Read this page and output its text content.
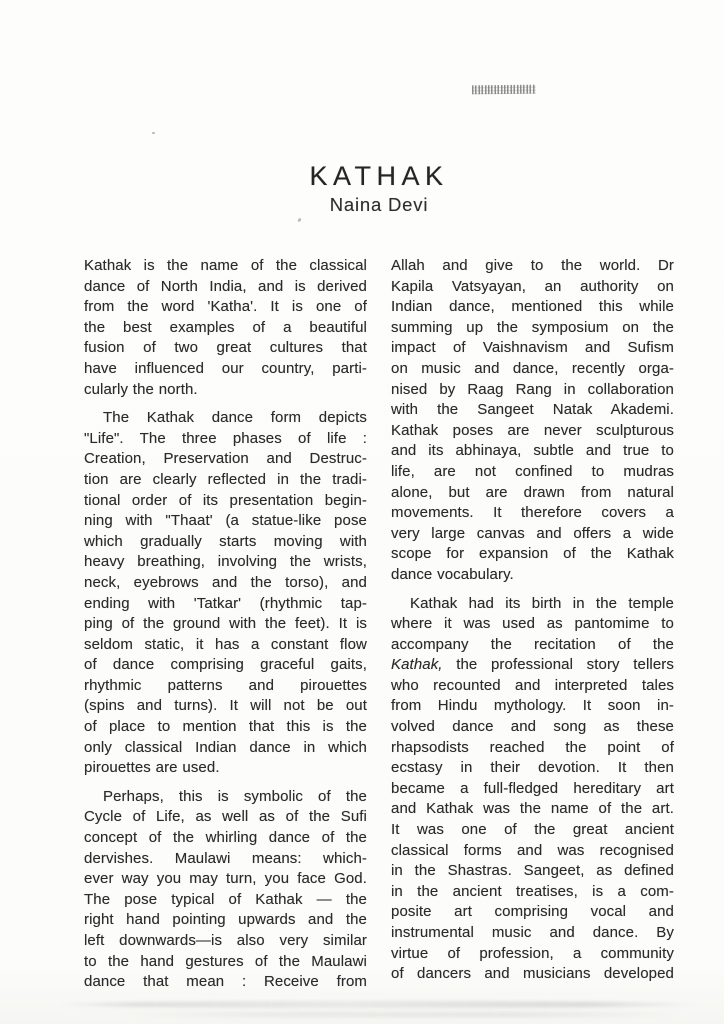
KATHAK
Naina Devi
Kathak is the name of the classical
dance of North India, and is derived
from the word 'Katha'. It is one of
the best examples of a beautiful
fusion of two great cultures that
have influenced our country, parti-
cularly the north.
The Kathak dance form depicts
"Life". The three phases of life :
Creation, Preservation and Destruc-
tion are clearly reflected in the tradi-
tional order of its presentation begin-
ning with "Thaat' (a statue-like pose
which gradually starts moving with
heavy breathing, involving the wrists,
neck, eyebrows and the torso), and
ending with 'Tatkar' (rhythmic tap-
ping of the ground with the feet). It is
seldom static, it has a constant flow
of dance comprising graceful gaits,
rhythmic patterns and pirouettes
(spins and turns). It will not be out
of place to mention that this is the
only classical Indian dance in which
pirouettes are used.
Perhaps, this is symbolic of the
Cycle of Life, as well as of the Sufi
concept of the whirling dance of the
dervishes. Maulawi means: which-
ever way you may turn, you face God.
The pose typical of Kathak — the
right hand pointing upwards and the
left downwards—is also very similar
to the hand gestures of the Maulawi
dance that mean : Receive from
Allah and give to the world. Dr
Kapila Vatsyayan, an authority on
Indian dance, mentioned this while
summing up the symposium on the
impact of Vaishnavism and Sufism
on music and dance, recently orga-
nised by Raag Rang in collaboration
with the Sangeet Natak Akademi.
Kathak poses are never sculpturous
and its abhinaya, subtle and true to
life, are not confined to mudras
alone, but are drawn from natural
movements. It therefore covers a
very large canvas and offers a wide
scope for expansion of the Kathak
dance vocabulary.
Kathak had its birth in the temple
where it was used as pantomime to
accompany the recitation of the
Kathak, the professional story tellers
who recounted and interpreted tales
from Hindu mythology. It soon in-
volved dance and song as these
rhapsodists reached the point of
ecstasy in their devotion. It then
became a full-fledged hereditary art
and Kathak was the name of the art.
It was one of the great ancient
classical forms and was recognised
in the Shastras. Sangeet, as defined
in the ancient treatises, is a com-
posite art comprising vocal and
instrumental music and dance. By
virtue of profession, a community
of dancers and musicians developed
